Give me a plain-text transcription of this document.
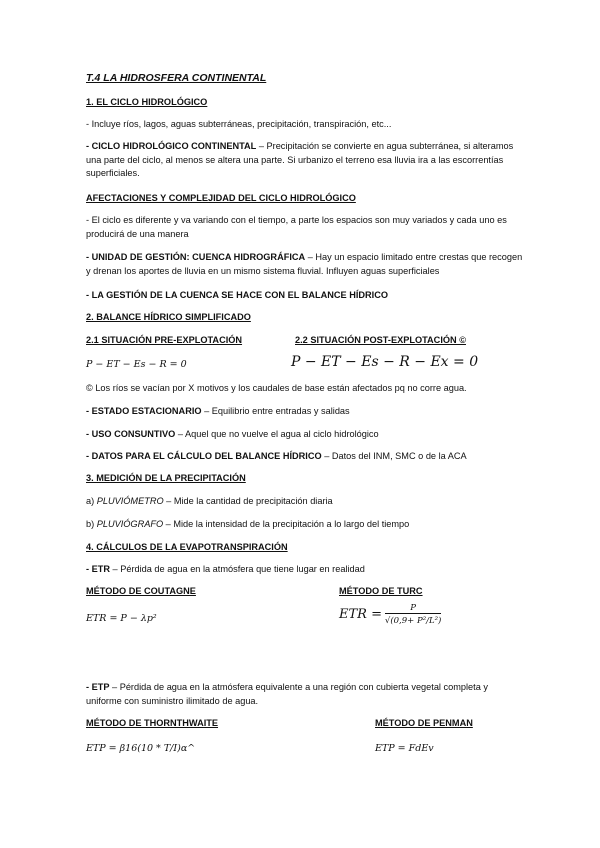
T.4 LA HIDROSFERA CONTINENTAL
1. EL CICLO HIDROLÓGICO
- Incluye ríos, lagos, aguas subterráneas, precipitación, transpiración, etc...
- CICLO HIDROLÓGICO CONTINENTAL – Precipitación se convierte en agua subterránea, si alteramos una parte del ciclo, al menos se altera una parte. Si urbanizo el terreno esa lluvia ira a las escorrentías superficiales.
AFECTACIONES Y COMPLEJIDAD DEL CICLO HIDROLÓGICO
- El ciclo es diferente y va variando con el tiempo, a parte los espacios son muy variados y cada uno es producirá de una manera
- UNIDAD DE GESTIÓN: CUENCA HIDROGRÁFICA – Hay un espacio limitado entre crestas que recogen y drenan los aportes de lluvia en un mismo sistema fluvial. Influyen aguas superficiales
- LA GESTIÓN DE LA CUENCA SE HACE CON EL BALANCE HÍDRICO
2. BALANCE HÍDRICO SIMPLIFICADO
2.1 SITUACIÓN PRE-EXPLOTACIÓN	2.2 SITUACIÓN POST-EXPLOTACIÓN ©
P − ET − Es − R = 0	P − ET − Es − R − Ex = 0
© Los ríos se vacían por X motivos y los caudales de base están afectados pq no corre agua.
- ESTADO ESTACIONARIO – Equilibrio entre entradas y salidas
- USO CONSUNTIVO – Aquel que no vuelve el agua al ciclo hidrológico
- DATOS PARA EL CÁLCULO DEL BALANCE HÍDRICO – Datos del INM, SMC o de la ACA
3. MEDICIÓN DE LA PRECIPITACIÓN
a) PLUVIÓMETRO – Mide la cantidad de precipitación diaria
b) PLUVIÓGRAFO – Mide la intensidad de la precipitación a lo largo del tiempo
4. CÁLCULOS DE LA EVAPOTRANSPIRACIÓN
- ETR – Pérdida de agua en la atmósfera que tiene lugar en realidad
MÉTODO DE COUTAGNE	MÉTODO DE TURC
ETR = P − λp²	ETR = $\frac{P}{\text{√(0,9+ P²/L²)}}$
- ETP – Pérdida de agua en la atmósfera equivalente a una región con cubierta vegetal completa y uniforme con suministro ilimitado de agua.
MÉTODO DE THORNTHWAITE	MÉTODO DE PENMAN
ETP = β16(10 * T/I)α^	ETP = FdEv
